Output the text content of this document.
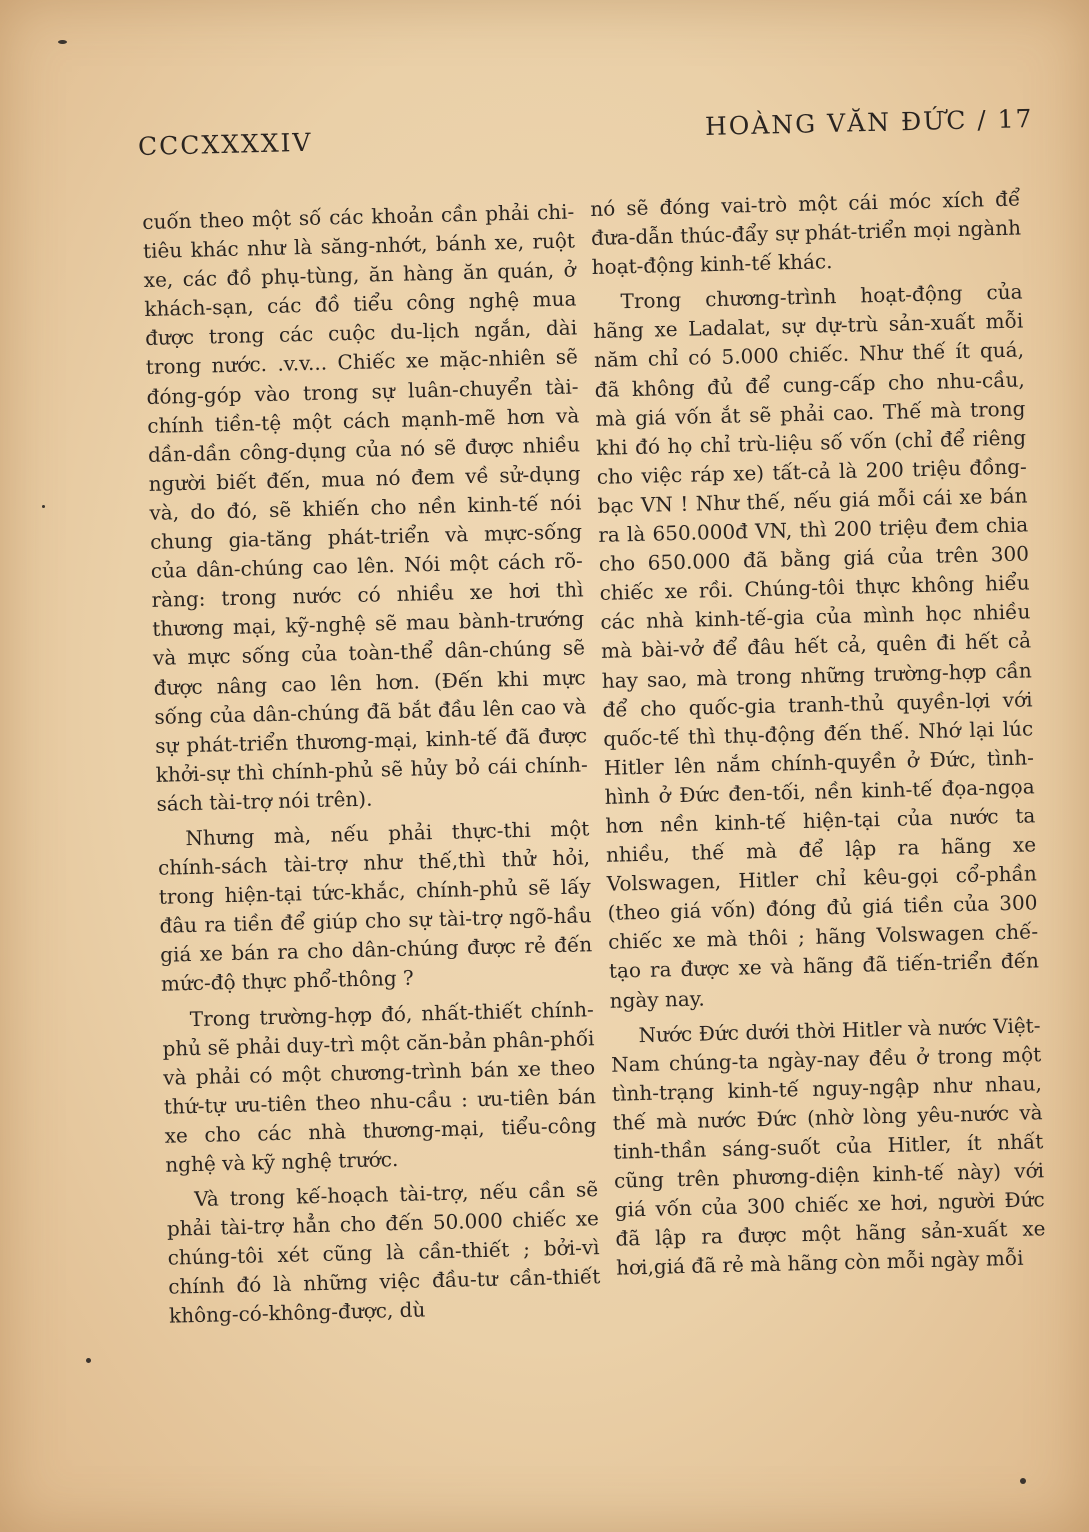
CCCXXXXIV
HOÀNG VĂN ĐỨC / 17

cuốn theo một số các khoản cần phải chi-tiêu khác như là săng-nhớt, bánh xe, ruột xe, các đồ phụ-tùng, ăn hàng ăn quán, ở khách-sạn, các đồ tiểu công nghệ mua được trong các cuộc du-lịch ngắn, dài trong nước. .v.v... Chiếc xe mặc-nhiên sẽ đóng-góp vào trong sự luân-chuyển tài-chính tiền-tệ một cách mạnh-mẽ hơn và dần-dần công-dụng của nó sẽ được nhiều người biết đến, mua nó đem về sử-dụng và, do đó, sẽ khiến cho nền kinh-tế nói chung gia-tăng phát-triển và mực-sống của dân-chúng cao lên. Nói một cách rõ-ràng: trong nước có nhiều xe hơi thì thương mại, kỹ-nghệ sẽ mau bành-trướng và mực sống của toàn-thể dân-chúng sẽ được nâng cao lên hơn. (Đến khi mực sống của dân-chúng đã bắt đầu lên cao và sự phát-triển thương-mại, kinh-tế đã được khởi-sự thì chính-phủ sẽ hủy bỏ cái chính-sách tài-trợ nói trên).

Nhưng mà, nếu phải thực-thi một chính-sách tài-trợ như thế,thì thử hỏi, trong hiện-tại tức-khắc, chính-phủ sẽ lấy đâu ra tiền để giúp cho sự tài-trợ ngõ-hầu giá xe bán ra cho dân-chúng được rẻ đến mức-độ thực phổ-thông ?

Trong trường-hợp đó, nhất-thiết chính-phủ sẽ phải duy-trì một căn-bản phân-phối và phải có một chương-trình bán xe theo thứ-tự ưu-tiên theo nhu-cầu : ưu-tiên bán xe cho các nhà thương-mại, tiểu-công nghệ và kỹ nghệ trước.

Và trong kế-hoạch tài-trợ, nếu cần sẽ phải tài-trợ hẳn cho đến 50.000 chiếc xe chúng-tôi xét cũng là cần-thiết ; bởi-vì chính đó là những việc đầu-tư cần-thiết không-có-không-được, dù

nó sẽ đóng vai-trò một cái móc xích để đưa-dẫn thúc-đẩy sự phát-triển mọi ngành hoạt-động kinh-tế khác.

Trong chương-trình hoạt-động của hãng xe Ladalat, sự dự-trù sản-xuất mỗi năm chỉ có 5.000 chiếc. Như thế ít quá, đã không đủ để cung-cấp cho nhu-cầu, mà giá vốn ắt sẽ phải cao. Thế mà trong khi đó họ chỉ trù-liệu số vốn (chỉ để riêng cho việc ráp xe) tất-cả là 200 triệu đồng-bạc VN ! Như thế, nếu giá mỗi cái xe bán ra là 650.000đ VN, thì 200 triệu đem chia cho 650.000 đã bằng giá của trên 300 chiếc xe rồi. Chúng-tôi thực không hiểu các nhà kinh-tế-gia của mình học nhiều mà bài-vở để đâu hết cả, quên đi hết cả hay sao, mà trong những trường-hợp cần để cho quốc-gia tranh-thủ quyền-lợi với quốc-tế thì thụ-động đến thế. Nhớ lại lúc Hitler lên nắm chính-quyền ở Đức, tình-hình ở Đức đen-tối, nền kinh-tế đọa-ngọa hơn nền kinh-tế hiện-tại của nước ta nhiều, thế mà để lập ra hãng xe Volswagen, Hitler chỉ kêu-gọi cổ-phần (theo giá vốn) đóng đủ giá tiền của 300 chiếc xe mà thôi ; hãng Volswagen chế-tạo ra được xe và hãng đã tiến-triển đến ngày nay.

Nước Đức dưới thời Hitler và nước Việt-Nam chúng-ta ngày-nay đều ở trong một tình-trạng kinh-tế nguy-ngập như nhau, thế mà nước Đức (nhờ lòng yêu-nước và tinh-thần sáng-suốt của Hitler, ít nhất cũng trên phương-diện kinh-tế này) với giá vốn của 300 chiếc xe hơi, người Đức đã lập ra được một hãng sản-xuất xe hơi,giá đã rẻ mà hãng còn mỗi ngày mỗi
